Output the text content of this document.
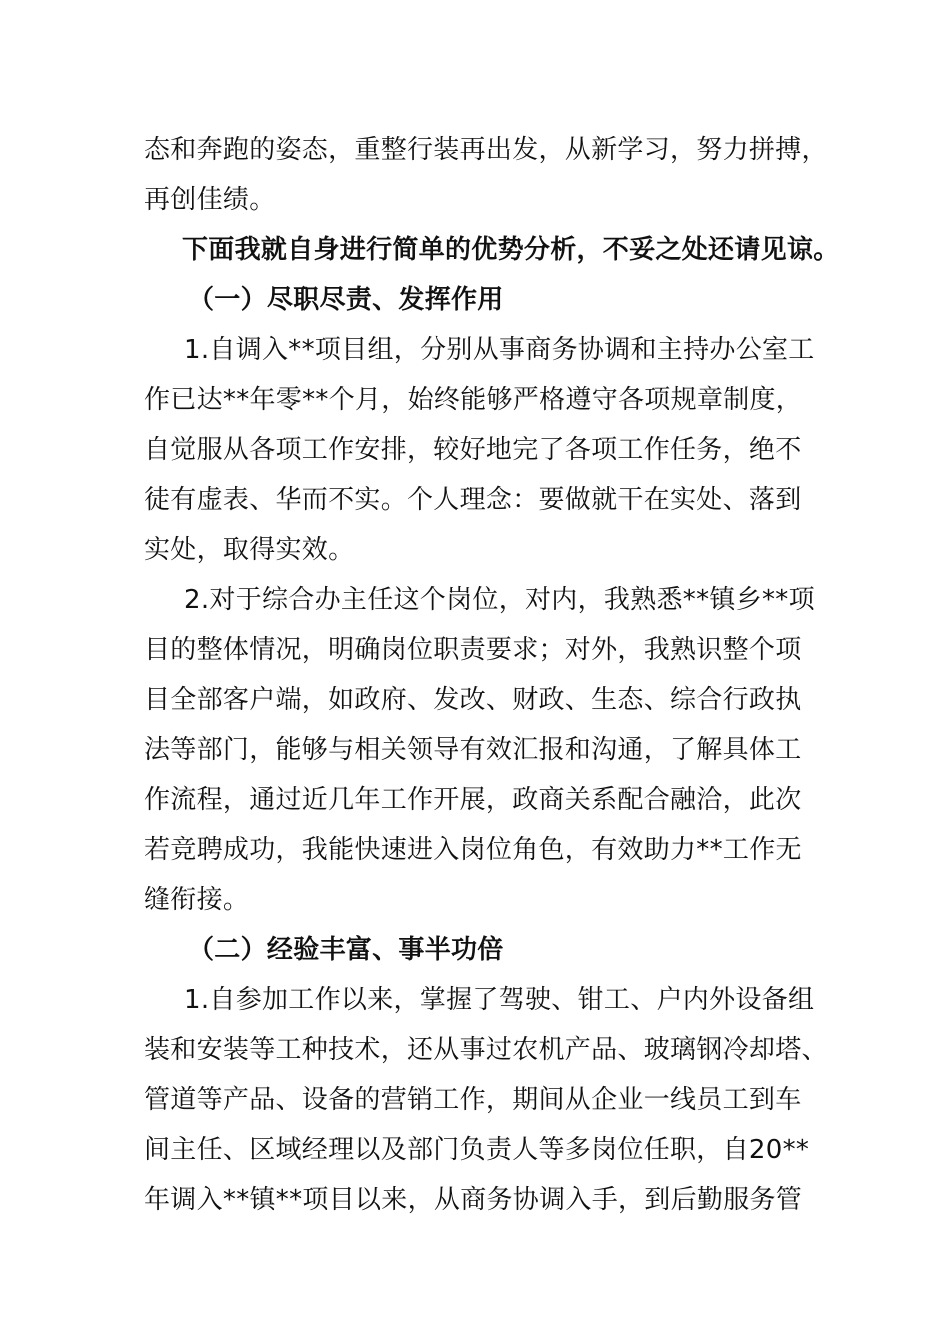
态和奔跑的姿态，重整行装再出发，从新学习，努力拼搏，
再创佳绩。
下面我就自身进行简单的优势分析，不妥之处还请见谅。
（一）尽职尽责、发挥作用
1.自调入**项目组，分别从事商务协调和主持办公室工
作已达**年零**个月，始终能够严格遵守各项规章制度，
自觉服从各项工作安排，较好地完了各项工作任务，绝不
徒有虚表、华而不实。个人理念：要做就干在实处、落到
实处，取得实效。
2.对于综合办主任这个岗位，对内，我熟悉**镇乡**项
目的整体情况，明确岗位职责要求；对外，我熟识整个项
目全部客户端，如政府、发改、财政、生态、综合行政执
法等部门，能够与相关领导有效汇报和沟通，了解具体工
作流程，通过近几年工作开展，政商关系配合融洽，此次
若竞聘成功，我能快速进入岗位角色，有效助力**工作无
缝衔接。
（二）经验丰富、事半功倍
1.自参加工作以来，掌握了驾驶、钳工、户内外设备组
装和安装等工种技术，还从事过农机产品、玻璃钢冷却塔、
管道等产品、设备的营销工作，期间从企业一线员工到车
间主任、区域经理以及部门负责人等多岗位任职，自20**
年调入**镇**项目以来，从商务协调入手，到后勤服务管
